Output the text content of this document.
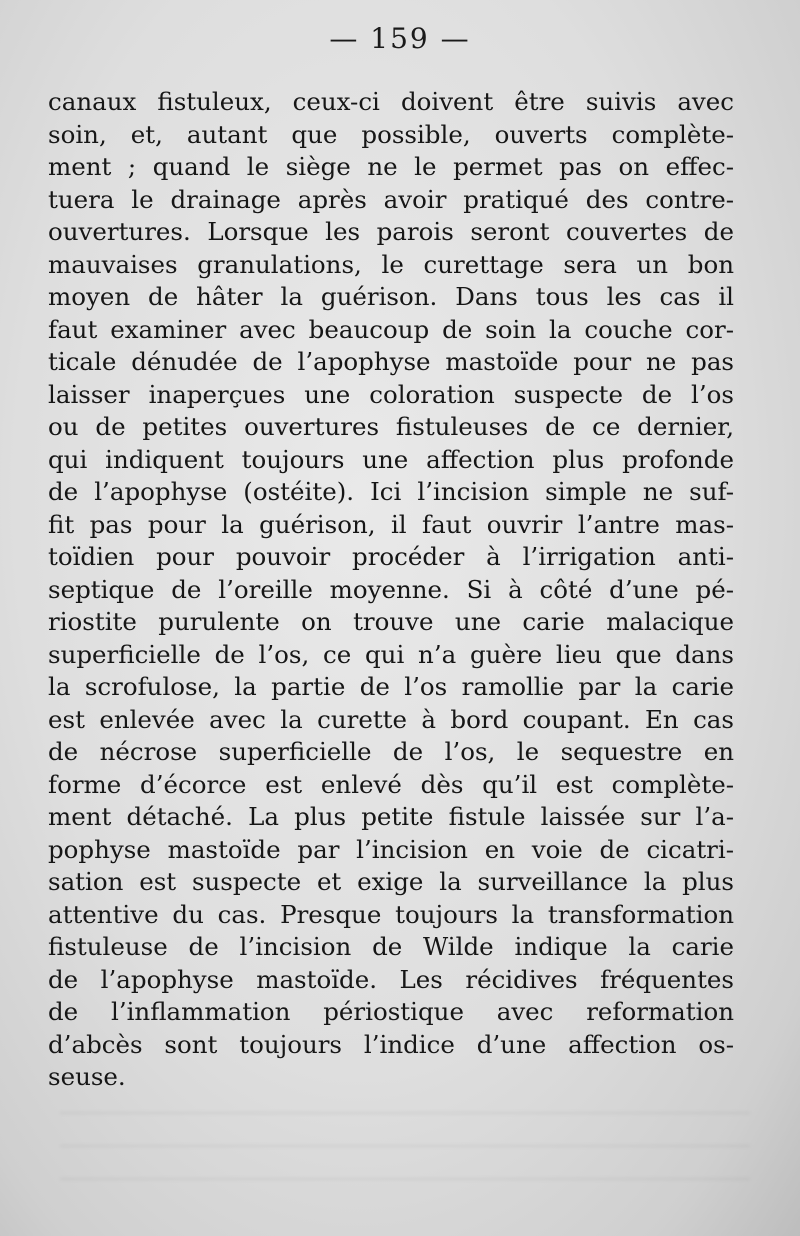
— 159 —
canaux fistuleux, ceux-ci doivent être suivis avec
soin, et, autant que possible, ouverts complète-
ment ; quand le siège ne le permet pas on effec-
tuera le drainage après avoir pratiqué des contre-
ouvertures. Lorsque les parois seront couvertes de
mauvaises granulations, le curettage sera un bon
moyen de hâter la guérison. Dans tous les cas il
faut examiner avec beaucoup de soin la couche cor-
ticale dénudée de l’apophyse mastoïde pour ne pas
laisser inaperçues une coloration suspecte de l’os
ou de petites ouvertures fistuleuses de ce dernier,
qui indiquent toujours une affection plus profonde
de l’apophyse (ostéite). Ici l’incision simple ne suf-
fit pas pour la guérison, il faut ouvrir l’antre mas-
toïdien pour pouvoir procéder à l’irrigation anti-
septique de l’oreille moyenne. Si à côté d’une pé-
riostite purulente on trouve une carie malacique
superficielle de l’os, ce qui n’a guère lieu que dans
la scrofulose, la partie de l’os ramollie par la carie
est enlevée avec la curette à bord coupant. En cas
de nécrose superficielle de l’os, le sequestre en
forme d’écorce est enlevé dès qu’il est complète-
ment détaché. La plus petite fistule laissée sur l’a-
pophyse mastoïde par l’incision en voie de cicatri-
sation est suspecte et exige la surveillance la plus
attentive du cas. Presque toujours la transformation
fistuleuse de l’incision de Wilde indique la carie
de l’apophyse mastoïde. Les récidives fréquentes
de l’inflammation périostique avec reformation
d’abcès sont toujours l’indice d’une affection os-
seuse.
